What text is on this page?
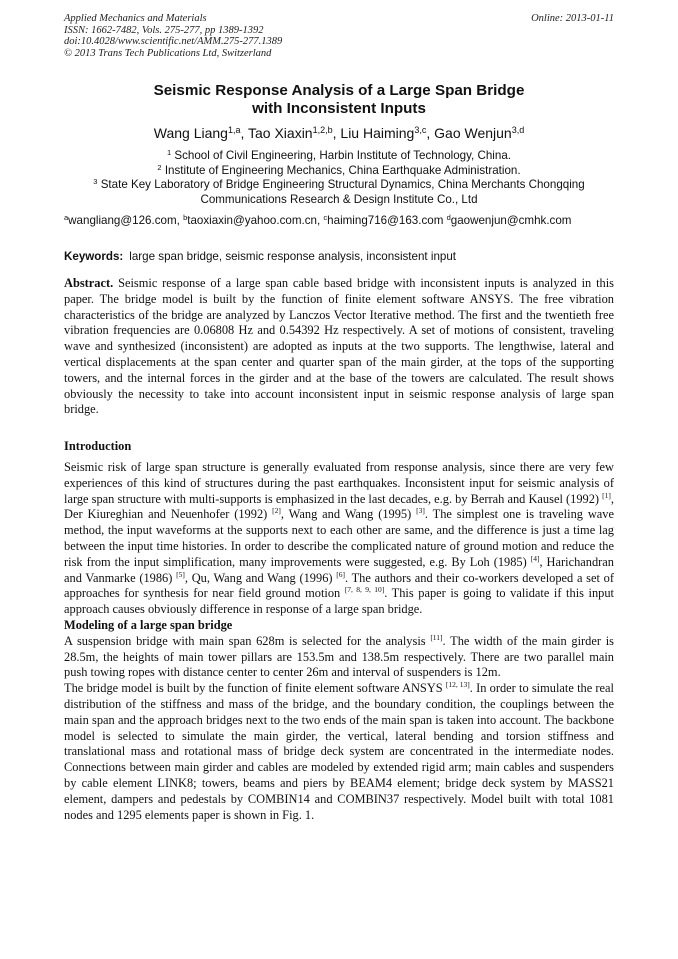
Applied Mechanics and Materials
ISSN: 1662-7482, Vols. 275-277, pp 1389-1392
doi:10.4028/www.scientific.net/AMM.275-277.1389
© 2013 Trans Tech Publications Ltd, Switzerland
Online: 2013-01-11
Seismic Response Analysis of a Large Span Bridge
with Inconsistent Inputs
Wang Liang$^{1,a}$, Tao Xiaxin$^{1,2,b}$, Liu Haiming$^{3,c}$, Gao Wenjun$^{3,d}$
$^1$ School of Civil Engineering, Harbin Institute of Technology, China.
$^2$ Institute of Engineering Mechanics, China Earthquake Administration.
$^3$ State Key Laboratory of Bridge Engineering Structural Dynamics, China Merchants Chongqing
Communications Research & Design Institute Co., Ltd
$^a$wangliang@126.com, $^b$taoxiaxin@yahoo.com.cn, $^c$haiming716@163.com $^d$gaowenjun@cmhk.com
Keywords: large span bridge, seismic response analysis, inconsistent input
Abstract. Seismic response of a large span cable based bridge with inconsistent inputs is analyzed in this paper. The bridge model is built by the function of finite element software ANSYS. The free vibration characteristics of the bridge are analyzed by Lanczos Vector Iterative method. The first and the twentieth free vibration frequencies are 0.06808 Hz and 0.54392 Hz respectively. A set of motions of consistent, traveling wave and synthesized (inconsistent) are adopted as inputs at the two supports. The lengthwise, lateral and vertical displacements at the span center and quarter span of the main girder, at the tops of the supporting towers, and the internal forces in the girder and at the base of the towers are calculated. The result shows obviously the necessity to take into account inconsistent input in seismic response analysis of large span bridge.
Introduction

Seismic risk of large span structure is generally evaluated from response analysis, since there are very few experiences of this kind of structures during the past earthquakes. Inconsistent input for seismic analysis of large span structure with multi-supports is emphasized in the last decades, e.g. by Berrah and Kausel (1992) [1], Der Kiureghian and Neuenhofer (1992) [2], Wang and Wang (1995) [3]. The simplest one is traveling wave method, the input waveforms at the supports next to each other are same, and the difference is just a time lag between the input time histories. In order to describe the complicated nature of ground motion and reduce the risk from the input simplification, many improvements were suggested, e.g. By Loh (1985) [4], Harichandran and Vanmarke (1986) [5], Qu, Wang and Wang (1996) [6]. The authors and their co-workers developed a set of approaches for synthesis for near field ground motion [7, 8, 9, 10]. This paper is going to validate if this input approach causes obviously difference in response of a large span bridge.

Modeling of a large span bridge

A suspension bridge with main span 628m is selected for the analysis [11]. The width of the main girder is 28.5m, the heights of main tower pillars are 153.5m and 138.5m respectively. There are two parallel main push towing ropes with distance center to center 26m and interval of suspenders is 12m.

The bridge model is built by the function of finite element software ANSYS [12, 13]. In order to simulate the real distribution of the stiffness and mass of the bridge, and the boundary condition, the couplings between the main span and the approach bridges next to the two ends of the main span is taken into account. The backbone model is selected to simulate the main girder, the vertical, lateral bending and torsion stiffness and translational mass and rotational mass of bridge deck system are concentrated in the intermediate nodes. Connections between main girder and cables are modeled by extended rigid arm; main cables and suspenders by cable element LINK8; towers, beams and piers by BEAM4 element; bridge deck system by MASS21 element, dampers and pedestals by COMBIN14 and COMBIN37 respectively. Model built with total 1081 nodes and 1295 elements paper is shown in Fig. 1.
